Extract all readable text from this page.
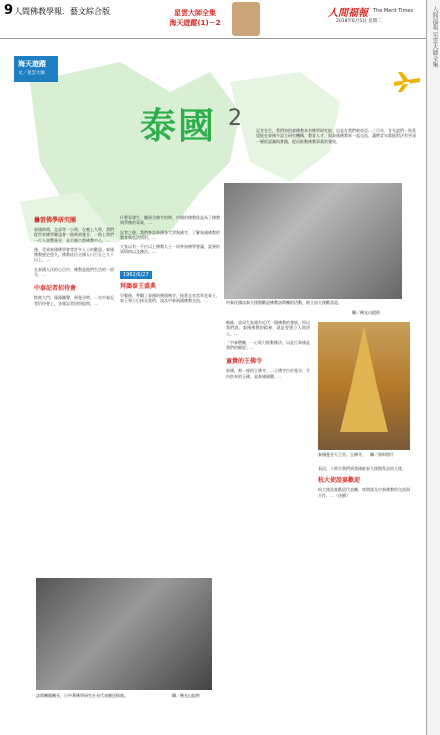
9 人間佛教學報．藝文綜合版	星雲大師全集
海天遊蹤(1)－2
人間福報 The Merit Times
2018年6月5日 星期二	人間福報 星雲大師全集
海天遊蹤
文／星雲大師
泰國 2	記者先生，我們知的東佛教本有佛學研究院，這是在我們東南亞…三百年，甘先說們一致希望能在泰國多設立研究機構，教育人才，與泰國佛教界一起交流，讓僧青年都能對法有更深一層的認識與實踐，從而推動佛教事業的發展。
曇雲佛學研究團
泰國時間，北部等一小時，在晚上九時，我們從世界佛學聯誼會一路飛到曼谷，一路上我們一行人遊覽曼谷，是名勝古都佛教中心，…
後，受到泰國佛學會等許多人士的歡迎。泰國佛教歷史悠久，佛教徒佔全國人口百分之九十以上，…
在泰國人民的心目中，佛教是他們生活的一部分，…
中泰記者招待會
跨進大門，隆隆鑼聲，到曼谷時，…在中泰記者招待會上，各報記者紛紛提問，…
什麼事發生，聽到全佛寺的時，中國的佛教徒是為了佛教與學佛的事業，…
記者之後，我們參訪泰國各大學與佛寺，了解泰國佛教的教育與弘法情形。…
大家以有一千位以上佛教人士一同參加佛學會議，說到的事情的以及佛法。…
1962/6/27
拜謁泰王盛典
早餐後，參觀了泰國的幾個佛寺，接著去皇宮拜見泰王，泰王和王后接見我們，談及中泰兩國佛教交流，…	中泰民國訪泰大使館歡迎佛教訪問團的活動，前立訪大使歡喜迎。
攝／佛光山提供
軌跡，並向大家報告近代一個佛教的發展，所以我們說，泰國佛教的精神，就是要建立人間淨土，…
「中泰僧團，一心致力推動佛法，以此行泰國是我們的願望」…
童貴的王佛寺
泰國，那一座的王佛寺，…王佛寺位於曼谷，寺內供奉的玉佛，是泰國國寶，…
泰國曼谷大王宮、玉佛寺。	攝／資料照片
看這，十時半我們到我國駐泰大使館拜訪杭大使。
杭大使設宴歡迎
杭大使設宴歡迎代表團，席間談及中泰佛教的交流與合作，…（待續）
訪問團總團長，日中華佛學研究社長代表贈送經典。	攝／佛光山提供
